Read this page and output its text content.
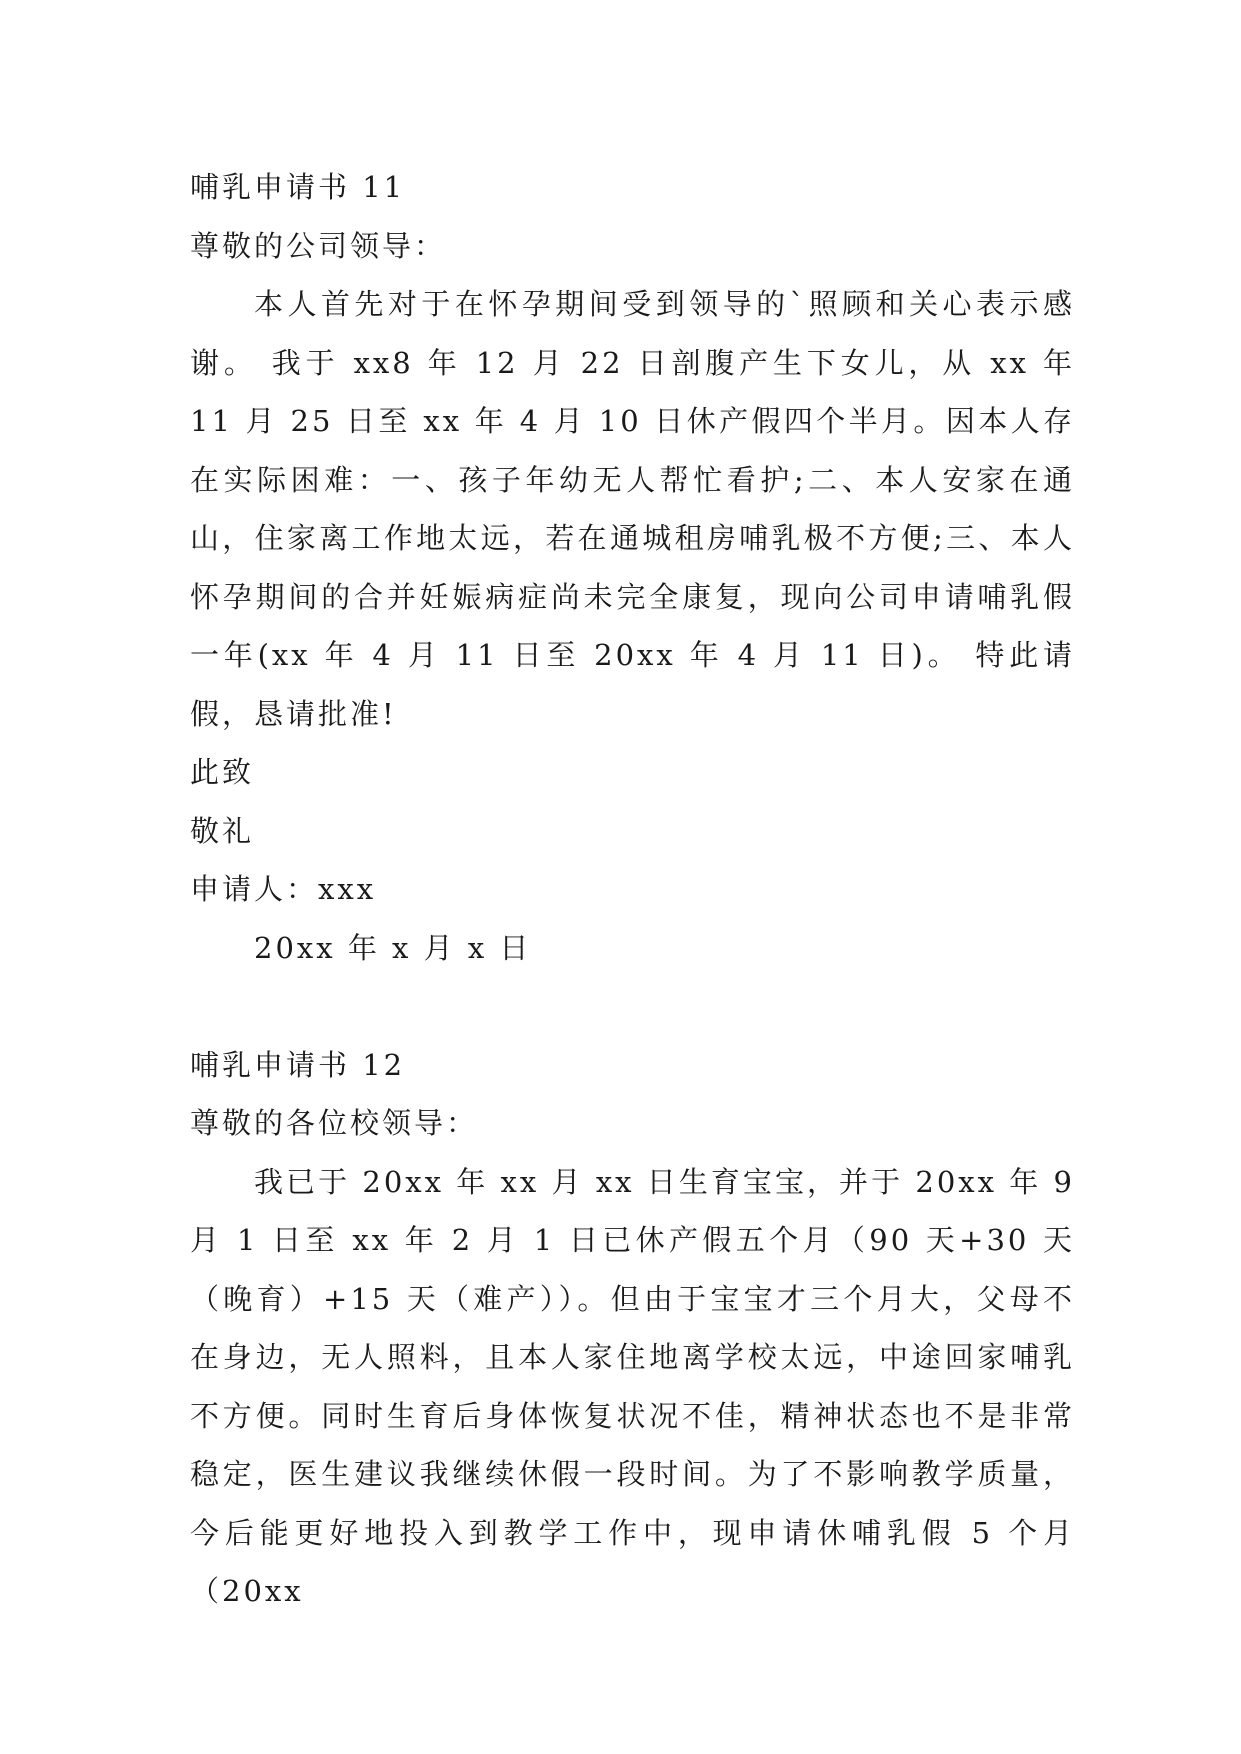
哺乳申请书 11
尊敬的公司领导：
本人首先对于在怀孕期间受到领导的`照顾和关心表示感谢。 我于 xx8 年 12 月 22 日剖腹产生下女儿，从 xx 年 11 月 25 日至 xx 年 4 月 10 日休产假四个半月。因本人存在实际困难：一、孩子年幼无人帮忙看护;二、本人安家在通山，住家离工作地太远，若在通城租房哺乳极不方便;三、本人怀孕期间的合并妊娠病症尚未完全康复，现向公司申请哺乳假一年(xx 年 4 月 11 日至 20xx 年 4 月 11 日)。 特此请假，恳请批准!
此致
敬礼
申请人：xxx
20xx 年 x 月 x 日
哺乳申请书 12
尊敬的各位校领导：
我已于 20xx 年 xx 月 xx 日生育宝宝，并于 20xx 年 9 月 1 日至 xx 年 2 月 1 日已休产假五个月（90 天+30 天（晚育）+15 天（难产））。但由于宝宝才三个月大，父母不在身边，无人照料，且本人家住地离学校太远，中途回家哺乳不方便。同时生育后身体恢复状况不佳，精神状态也不是非常稳定，医生建议我继续休假一段时间。为了不影响教学质量，今后能更好地投入到教学工作中，现申请休哺乳假 5 个月（20xx
